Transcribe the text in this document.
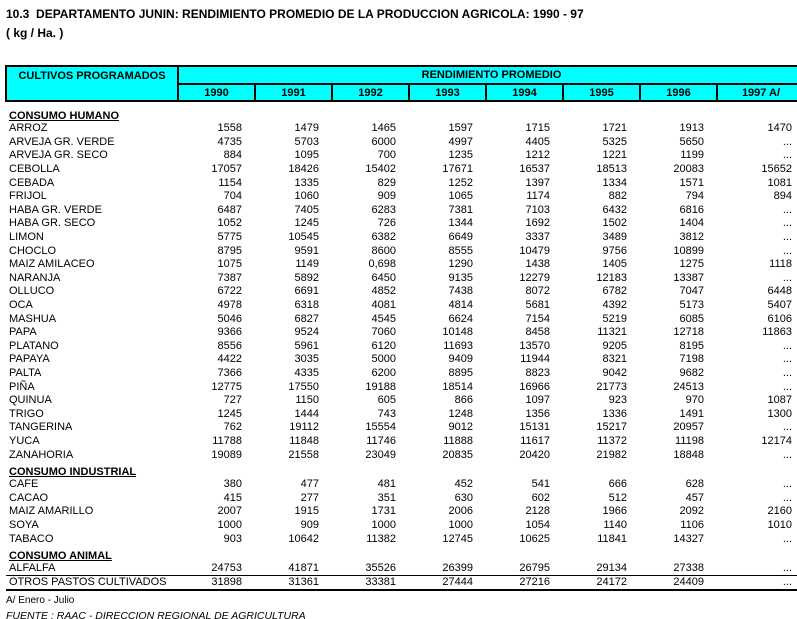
10.3  DEPARTAMENTO JUNIN: RENDIMIENTO PROMEDIO DE LA PRODUCCION AGRICOLA: 1990 - 97
( kg / Ha. )
CULTIVOS PROGRAMADOS	RENDIMIENTO PROMEDIO							
	1990	1991	1992	1993	1994	1995	1996	1997 A/
CONSUMO HUMANO								
ARROZ	1558	1479	1465	1597	1715	1721	1913	1470
ARVEJA GR. VERDE	4735	5703	6000	4997	4405	5325	5650	...
ARVEJA GR. SECO	884	1095	700	1235	1212	1221	1199	...
CEBOLLA	17057	18426	15402	17671	16537	18513	20083	15652
CEBADA	1154	1335	829	1252	1397	1334	1571	1081
FRIJOL	704	1060	909	1065	1174	882	794	894
HABA GR. VERDE	6487	7405	6283	7381	7103	6432	6816	...
HABA GR. SECO	1052	1245	726	1344	1692	1502	1404	...
LIMON	5775	10545	6382	6649	3337	3489	3812	...
CHOCLO	8795	9591	8600	8555	10479	9756	10899	...
MAIZ AMILACEO	1075	1149	0,698	1290	1438	1405	1275	1118
NARANJA	7387	5892	6450	9135	12279	12183	13387	...
OLLUCO	6722	6691	4852	7438	8072	6782	7047	6448
OCA	4978	6318	4081	4814	5681	4392	5173	5407
MASHUA	5046	6827	4545	6624	7154	5219	6085	6106
PAPA	9366	9524	7060	10148	8458	11321	12718	11863
PLATANO	8556	5961	6120	11693	13570	9205	8195	...
PAPAYA	4422	3035	5000	9409	11944	8321	7198	...
PALTA	7366	4335	6200	8895	8823	9042	9682	...
PIÑA	12775	17550	19188	18514	16966	21773	24513	...
QUINUA	727	1150	605	866	1097	923	970	1087
TRIGO	1245	1444	743	1248	1356	1336	1491	1300
TANGERINA	762	19112	15554	9012	15131	15217	20957	...
YUCA	11788	11848	11746	11888	11617	11372	11198	12174
ZANAHORIA	19089	21558	23049	20835	20420	21982	18848	...
CONSUMO INDUSTRIAL								
CAFE	380	477	481	452	541	666	628	...
CACAO	415	277	351	630	602	512	457	...
MAIZ AMARILLO	2007	1915	1731	2006	2128	1966	2092	2160
SOYA	1000	909	1000	1000	1054	1140	1106	1010
TABACO	903	10642	11382	12745	10625	11841	14327	...
CONSUMO ANIMAL								
ALFALFA	24753	41871	35526	26399	26795	29134	27338	...
OTROS PASTOS CULTIVADOS	31898	31361	33381	27444	27216	24172	24409	...
A/ Enero - Julio
FUENTE : RAAC - DIRECCION REGIONAL DE AGRICULTURA
